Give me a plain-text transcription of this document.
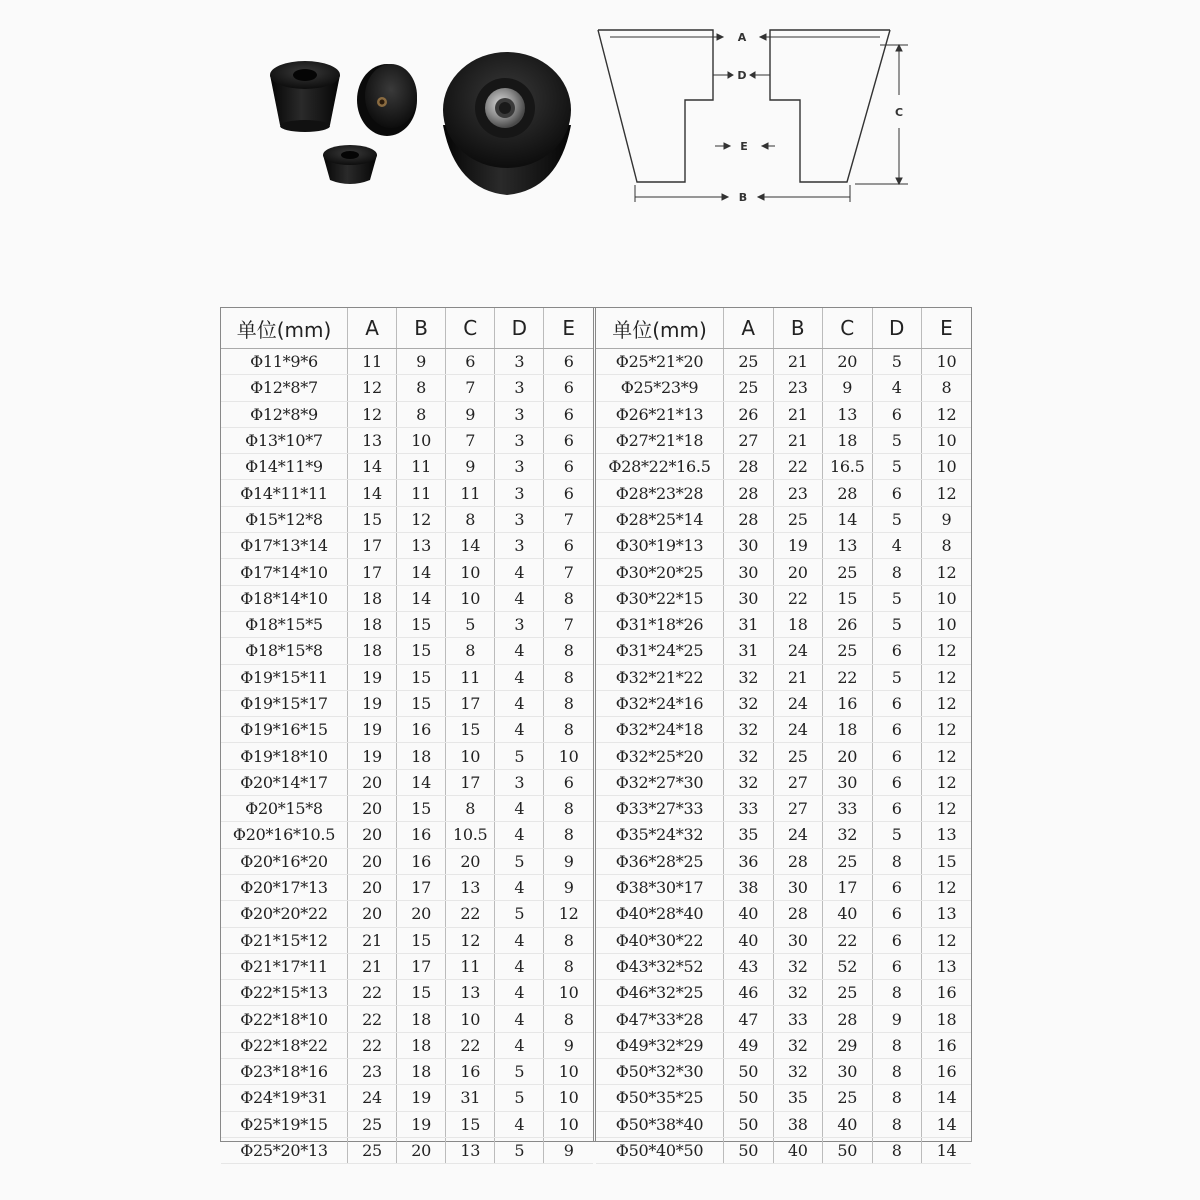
A
D
C
E
B
单位(mm)	A	B	C	D	E
Φ11*9*6	11	9	6	3	6
Φ12*8*7	12	8	7	3	6
Φ12*8*9	12	8	9	3	6
Φ13*10*7	13	10	7	3	6
Φ14*11*9	14	11	9	3	6
Φ14*11*11	14	11	11	3	6
Φ15*12*8	15	12	8	3	7
Φ17*13*14	17	13	14	3	6
Φ17*14*10	17	14	10	4	7
Φ18*14*10	18	14	10	4	8
Φ18*15*5	18	15	5	3	7
Φ18*15*8	18	15	8	4	8
Φ19*15*11	19	15	11	4	8
Φ19*15*17	19	15	17	4	8
Φ19*16*15	19	16	15	4	8
Φ19*18*10	19	18	10	5	10
Φ20*14*17	20	14	17	3	6
Φ20*15*8	20	15	8	4	8
Φ20*16*10.5	20	16	10.5	4	8
Φ20*16*20	20	16	20	5	9
Φ20*17*13	20	17	13	4	9
Φ20*20*22	20	20	22	5	12
Φ21*15*12	21	15	12	4	8
Φ21*17*11	21	17	11	4	8
Φ22*15*13	22	15	13	4	10
Φ22*18*10	22	18	10	4	8
Φ22*18*22	22	18	22	4	9
Φ23*18*16	23	18	16	5	10
Φ24*19*31	24	19	31	5	10
Φ25*19*15	25	19	15	4	10
Φ25*20*13	25	20	13	5	9

单位(mm)	A	B	C	D	E
Φ25*21*20	25	21	20	5	10
Φ25*23*9	25	23	9	4	8
Φ26*21*13	26	21	13	6	12
Φ27*21*18	27	21	18	5	10
Φ28*22*16.5	28	22	16.5	5	10
Φ28*23*28	28	23	28	6	12
Φ28*25*14	28	25	14	5	9
Φ30*19*13	30	19	13	4	8
Φ30*20*25	30	20	25	8	12
Φ30*22*15	30	22	15	5	10
Φ31*18*26	31	18	26	5	10
Φ31*24*25	31	24	25	6	12
Φ32*21*22	32	21	22	5	12
Φ32*24*16	32	24	16	6	12
Φ32*24*18	32	24	18	6	12
Φ32*25*20	32	25	20	6	12
Φ32*27*30	32	27	30	6	12
Φ33*27*33	33	27	33	6	12
Φ35*24*32	35	24	32	5	13
Φ36*28*25	36	28	25	8	15
Φ38*30*17	38	30	17	6	12
Φ40*28*40	40	28	40	6	13
Φ40*30*22	40	30	22	6	12
Φ43*32*52	43	32	52	6	13
Φ46*32*25	46	32	25	8	16
Φ47*33*28	47	33	28	9	18
Φ49*32*29	49	32	29	8	16
Φ50*32*30	50	32	30	8	16
Φ50*35*25	50	35	25	8	14
Φ50*38*40	50	38	40	8	14
Φ50*40*50	50	40	50	8	14
